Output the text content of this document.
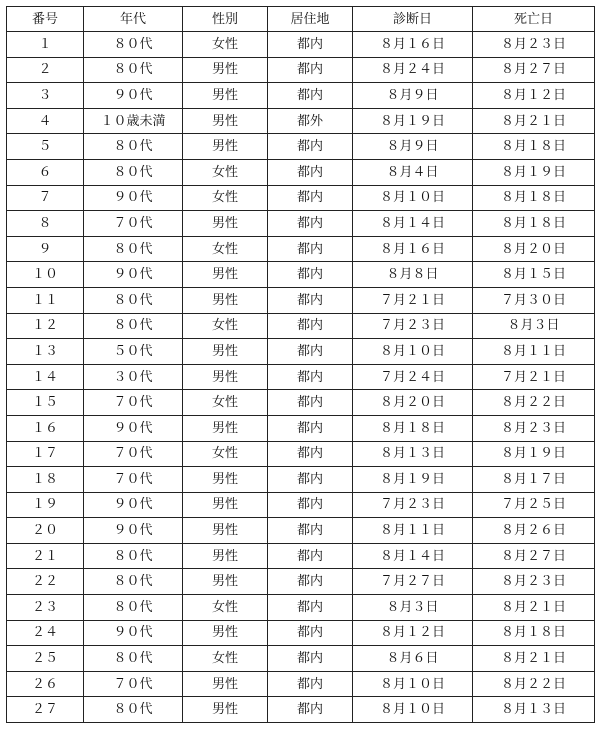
番号	年代	性別	居住地	診断日	死亡日
１	８０代	女性	都内	８月１６日	８月２３日
２	８０代	男性	都内	８月２４日	８月２７日
３	９０代	男性	都内	８月９日	８月１２日
４	１０歳未満	男性	都外	８月１９日	８月２１日
５	８０代	男性	都内	８月９日	８月１８日
６	８０代	女性	都内	８月４日	８月１９日
７	９０代	女性	都内	８月１０日	８月１８日
８	７０代	男性	都内	８月１４日	８月１８日
９	８０代	女性	都内	８月１６日	８月２０日
１０	９０代	男性	都内	８月８日	８月１５日
１１	８０代	男性	都内	７月２１日	７月３０日
１２	８０代	女性	都内	７月２３日	８月３日
１３	５０代	男性	都内	８月１０日	８月１１日
１４	３０代	男性	都内	７月２４日	７月２１日
１５	７０代	女性	都内	８月２０日	８月２２日
１６	９０代	男性	都内	８月１８日	８月２３日
１７	７０代	女性	都内	８月１３日	８月１９日
１８	７０代	男性	都内	８月１９日	８月１７日
１９	９０代	男性	都内	７月２３日	７月２５日
２０	９０代	男性	都内	８月１１日	８月２６日
２１	８０代	男性	都内	８月１４日	８月２７日
２２	８０代	男性	都内	７月２７日	８月２３日
２３	８０代	女性	都内	８月３日	８月２１日
２４	９０代	男性	都内	８月１２日	８月１８日
２５	８０代	女性	都内	８月６日	８月２１日
２６	７０代	男性	都内	８月１０日	８月２２日
２７	８０代	男性	都内	８月１０日	８月１３日
